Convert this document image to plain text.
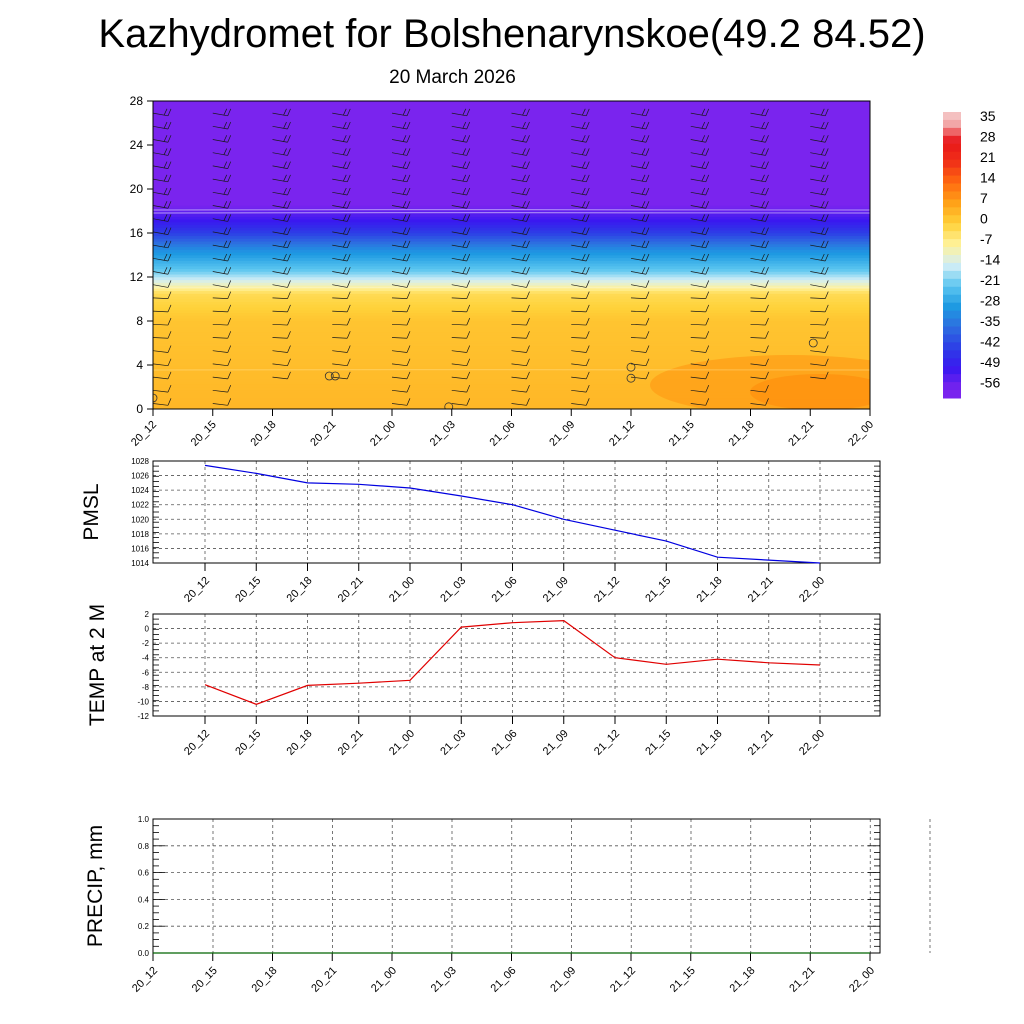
Kazhydromet for Bolshenarynskoe(49.2 84.52)
20 March 2026
0
4
8
12
16
20
24
28
20_12	20_15	20_18	20_21	21_00	21_03	21_06	21_09	21_12	21_15	21_18	21_21	22_00
35
28
21
14
7
0
-7
-14
-21
-28
-35
-42
-49
-56
1014
1016
1018
1020
1022
1024
1026
1028
20_12 20_15 20_18 20_21 21_00 21_03 21_06 21_09 21_12 21_15 21_18 21_21 22_00
PMSL
-12
-10
-8
-6
-4
-2
0
2
20_12 20_15 20_18 20_21 21_00 21_03 21_06 21_09 21_12 21_15 21_18 21_21 22_00
TEMP at 2 M
0.0
0.2
0.4
0.6
0.8
1.0
20_12	20_15	20_18	20_21	21_00	21_03	21_06	21_09	21_12	21_15	21_18	21_21	22_00
PRECIP, mm
